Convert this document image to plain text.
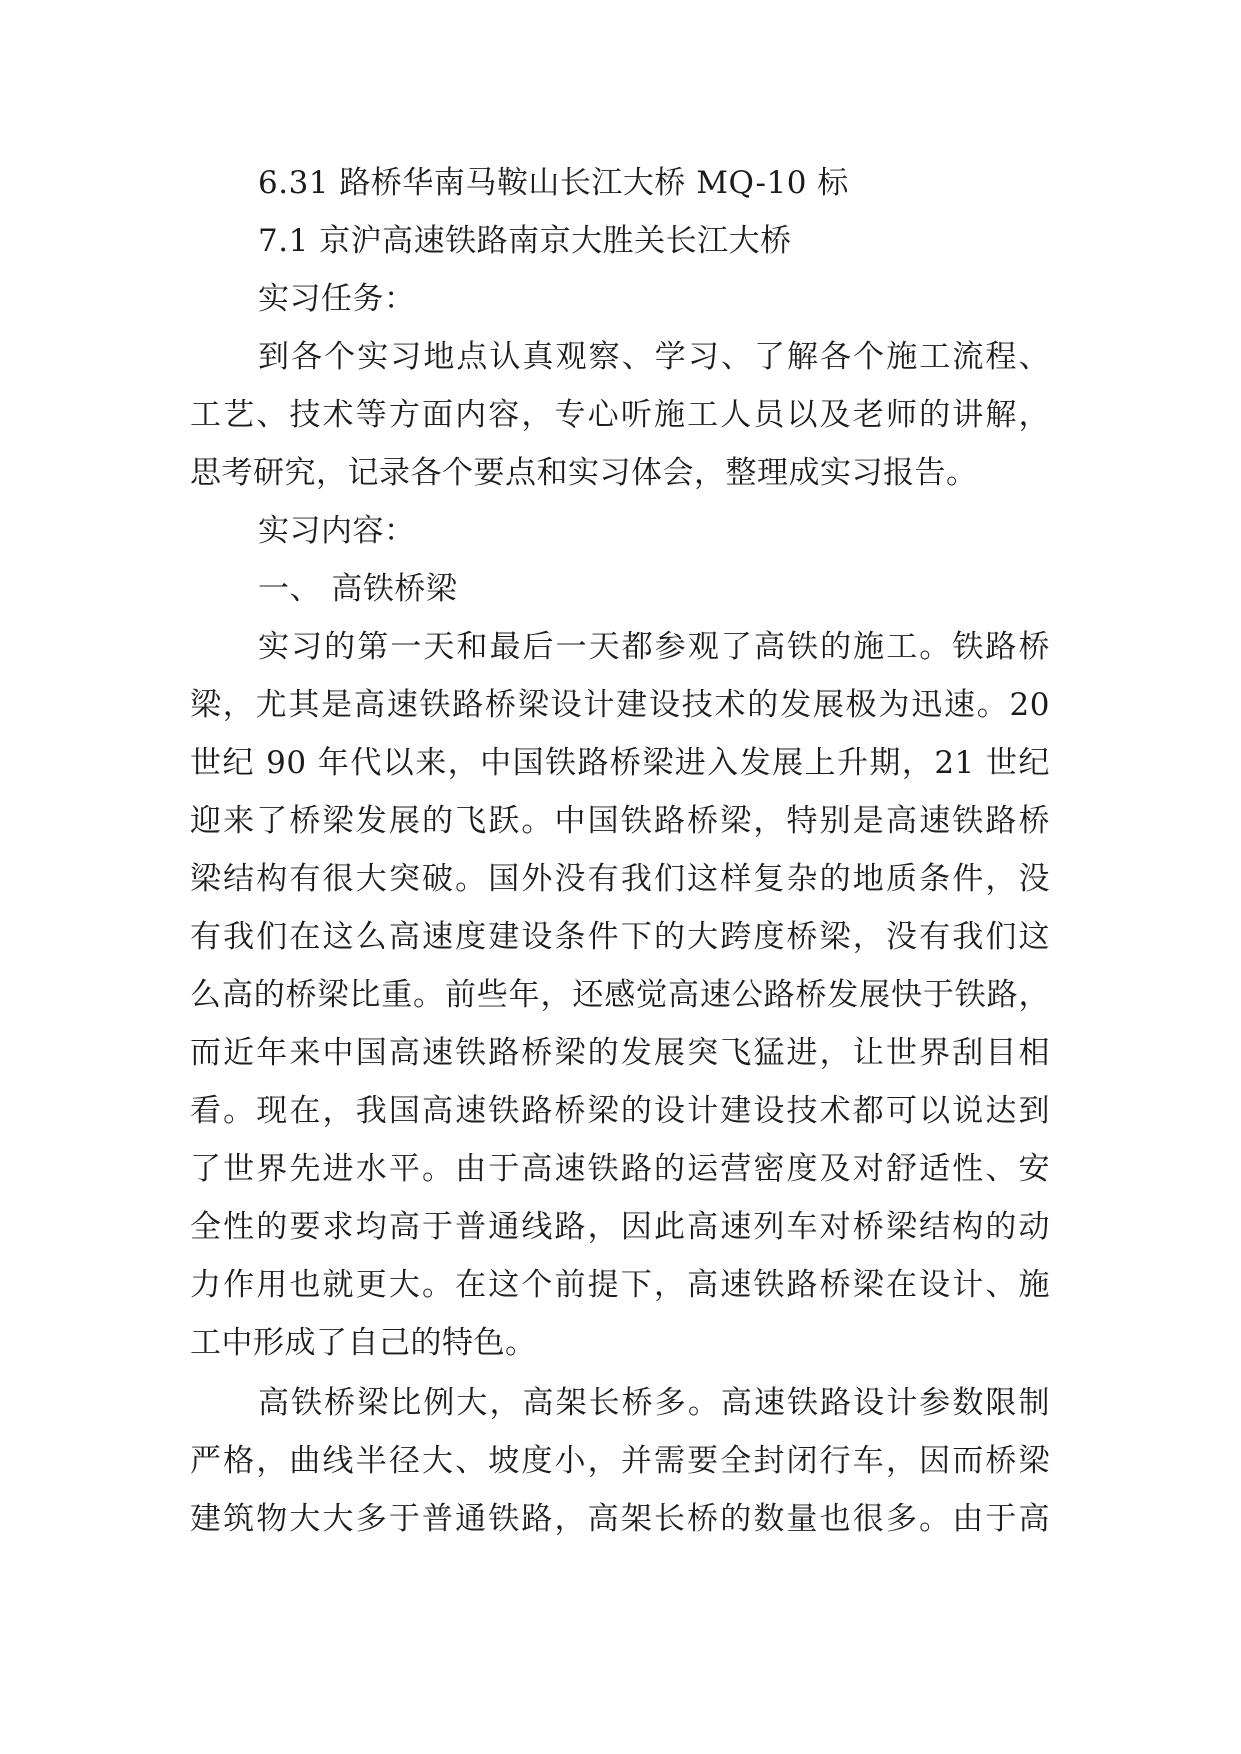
6.31 路桥华南马鞍山长江大桥 MQ-10 标

7.1 京沪高速铁路南京大胜关长江大桥

实习任务：

到各个实习地点认真观察、学习、了解各个施工流程、

工艺、技术等方面内容，专心听施工人员以及老师的讲解，

思考研究，记录各个要点和实习体会，整理成实习报告。

实习内容：

一、 高铁桥梁

实习的第一天和最后一天都参观了高铁的施工。铁路桥

梁，尤其是高速铁路桥梁设计建设技术的发展极为迅速。20

世纪 90 年代以来，中国铁路桥梁进入发展上升期，21 世纪

迎来了桥梁发展的飞跃。中国铁路桥梁，特别是高速铁路桥

梁结构有很大突破。国外没有我们这样复杂的地质条件，没

有我们在这么高速度建设条件下的大跨度桥梁，没有我们这

么高的桥梁比重。前些年，还感觉高速公路桥发展快于铁路，

而近年来中国高速铁路桥梁的发展突飞猛进，让世界刮目相

看。现在，我国高速铁路桥梁的设计建设技术都可以说达到

了世界先进水平。由于高速铁路的运营密度及对舒适性、安

全性的要求均高于普通线路，因此高速列车对桥梁结构的动

力作用也就更大。在这个前提下，高速铁路桥梁在设计、施

工中形成了自己的特色。

高铁桥梁比例大，高架长桥多。高速铁路设计参数限制

严格，曲线半径大、坡度小，并需要全封闭行车，因而桥梁

建筑物大大多于普通铁路，高架长桥的数量也很多。由于高
